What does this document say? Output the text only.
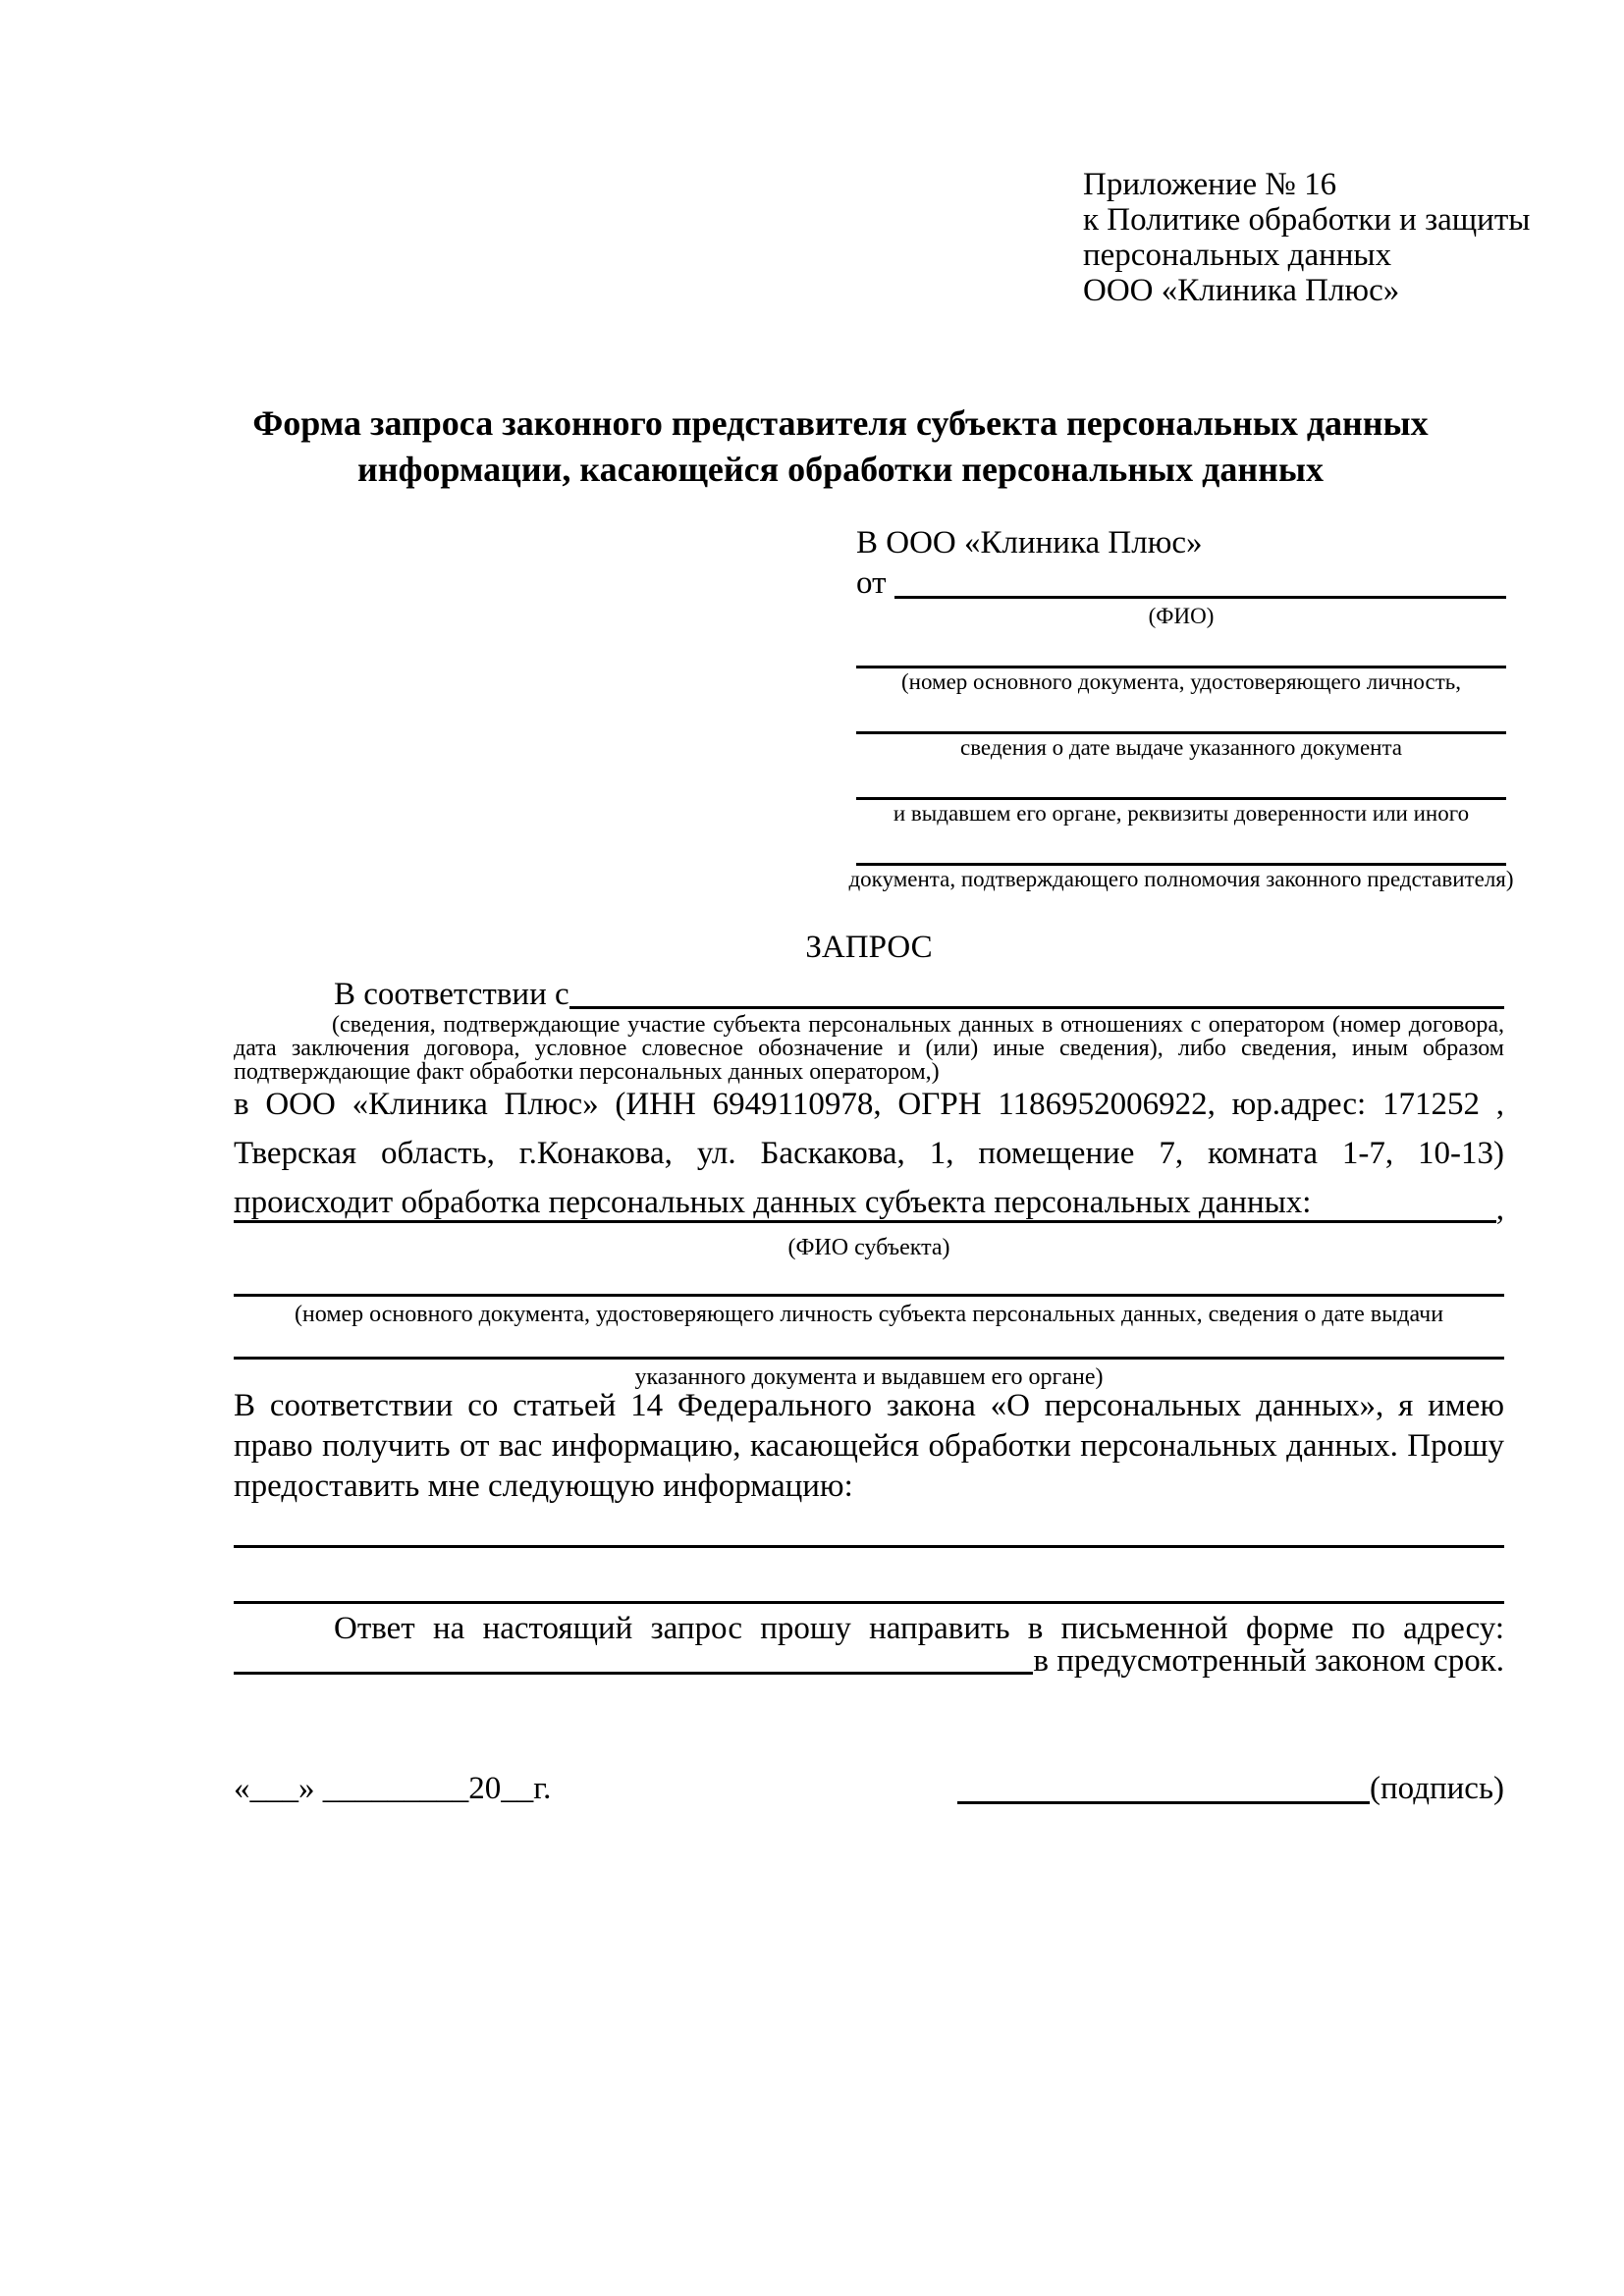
Приложение № 16
к Политике обработки и защиты
персональных данных
ООО «Клиника Плюс»
Форма запроса законного представителя субъекта персональных данных
информации, касающейся обработки персональных данных
В ООО «Клиника Плюс»
от
(ФИО)
(номер основного документа, удостоверяющего личность,
сведения о дате выдаче указанного документа
и выдавшем его органе, реквизиты доверенности или иного
документа, подтверждающего полномочия законного представителя)
ЗАПРОС
В соответствии с
(сведения, подтверждающие участие субъекта персональных данных в отношениях с оператором (номер договора, дата заключения договора, условное словесное обозначение и (или) иные сведения), либо сведения, иным образом подтверждающие факт обработки персональных данных оператором,)
в ООО «Клиника Плюс» (ИНН 6949110978, ОГРН 1186952006922, юр.адрес: 171252 , Тверская область, г.Конакова, ул. Баскакова, 1, помещение 7, комната 1-7, 10-13) происходит обработка персональных данных субъекта персональных данных:	,
(ФИО субъекта)
(номер основного документа, удостоверяющего личность субъекта персональных данных, сведения о дате выдачи
указанного документа и выдавшем его органе)
В соответствии со статьей 14 Федерального закона «О персональных данных», я имею право получить от вас информацию, касающейся обработки персональных данных. Прошу предоставить мне следующую информацию:
Ответ на настоящий запрос прошу направить в письменной форме по адресу:
в предусмотренный законом срок.
«___» _________20__г.	(подпись)
